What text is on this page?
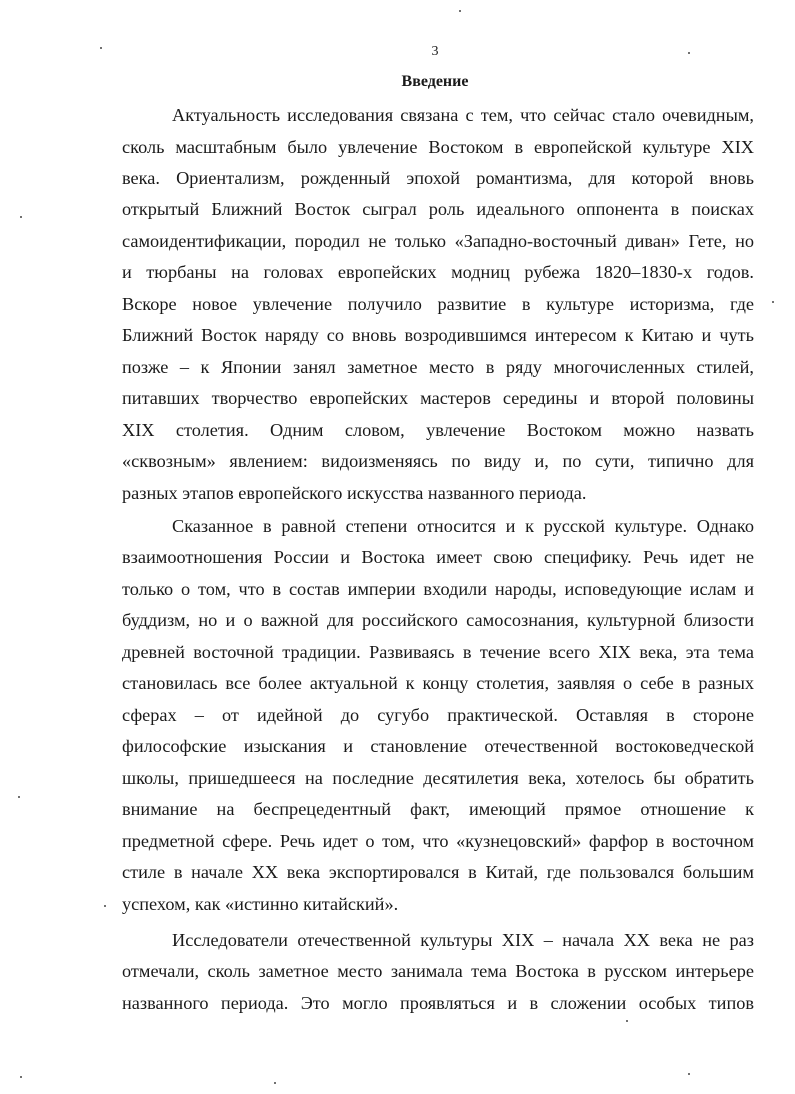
3
Введение
Актуальность исследования связана с тем, что сейчас стало очевидным,
сколь масштабным было увлечение Востоком в европейской культуре XIX
века. Ориентализм, рожденный эпохой романтизма, для которой вновь
открытый Ближний Восток сыграл роль идеального оппонента в поисках
самоидентификации, породил не только «Западно-восточный диван» Гете, но
и тюрбаны на головах европейских модниц рубежа 1820–1830-х годов.
Вскоре новое увлечение получило развитие в культуре историзма, где
Ближний Восток наряду со вновь возродившимся интересом к Китаю и чуть
позже – к Японии занял заметное место в ряду многочисленных стилей,
питавших творчество европейских мастеров середины и второй половины
XIX столетия. Одним словом, увлечение Востоком можно назвать
«сквозным» явлением: видоизменяясь по виду и, по сути, типично для
разных этапов европейского искусства названного периода.
Сказанное в равной степени относится и к русской культуре. Однако
взаимоотношения России и Востока имеет свою специфику. Речь идет не
только о том, что в состав империи входили народы, исповедующие ислам и
буддизм, но и о важной для российского самосознания, культурной близости
древней восточной традиции. Развиваясь в течение всего XIX века, эта тема
становилась все более актуальной к концу столетия, заявляя о себе в разных
сферах – от идейной до сугубо практической. Оставляя в стороне
философские изыскания и становление отечественной востоковедческой
школы, пришедшееся на последние десятилетия века, хотелось бы обратить
внимание на беспрецедентный факт, имеющий прямое отношение к
предметной сфере. Речь идет о том, что «кузнецовский» фарфор в восточном
стиле в начале XX века экспортировался в Китай, где пользовался большим
успехом, как «истинно китайский».
Исследователи отечественной культуры XIX – начала XX века не раз
отмечали, сколь заметное место занимала тема Востока в русском интерьере
названного периода. Это могло проявляться и в сложении особых типов
